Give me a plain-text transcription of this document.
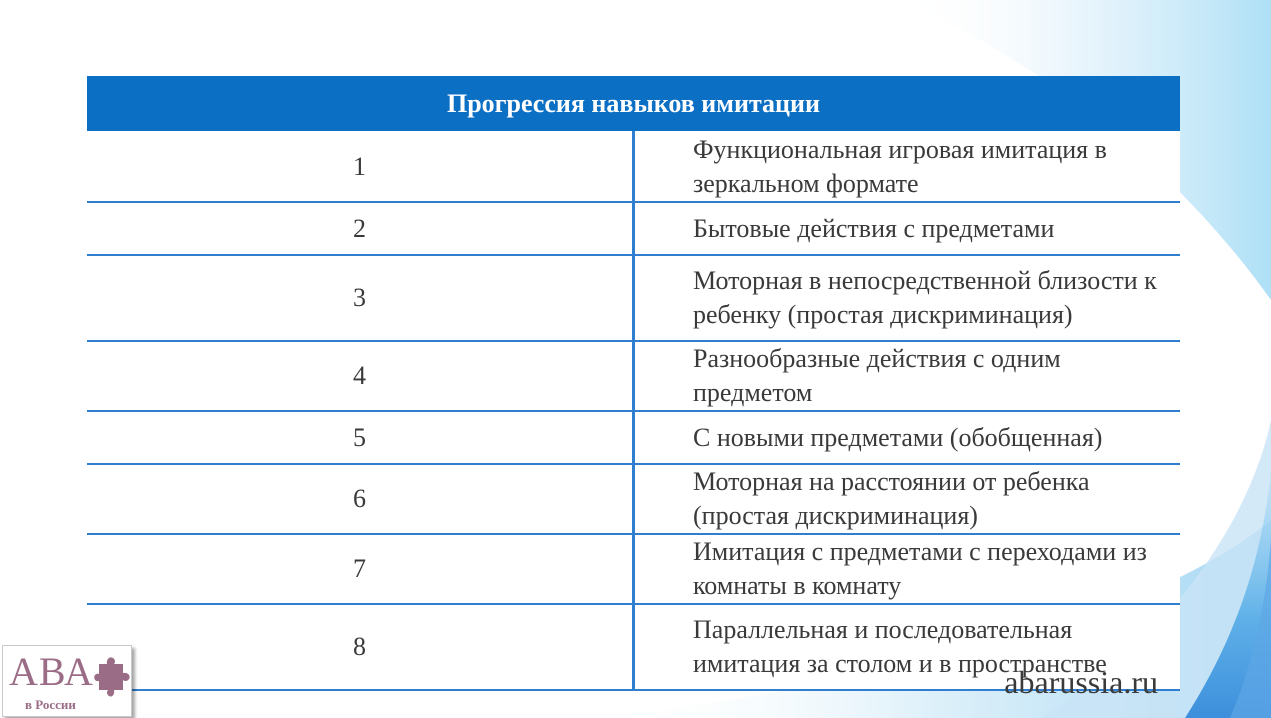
Прогрессия навыков имитации	
1	Функциональная игровая имитация в зеркальном формате
2	Бытовые действия с предметами
3	Моторная в непосредственной близости к ребенку (простая дискриминация)
4	Разнообразные действия с одним предметом
5	С новыми предметами (обобщенная)
6	Моторная на расстоянии от ребенка (простая дискриминация)
7	Имитация с предметами с переходами из комнаты в комнату
8	Параллельная и последовательная имитация за столом и в пространстве
АВА
в России
abarussia.ru
